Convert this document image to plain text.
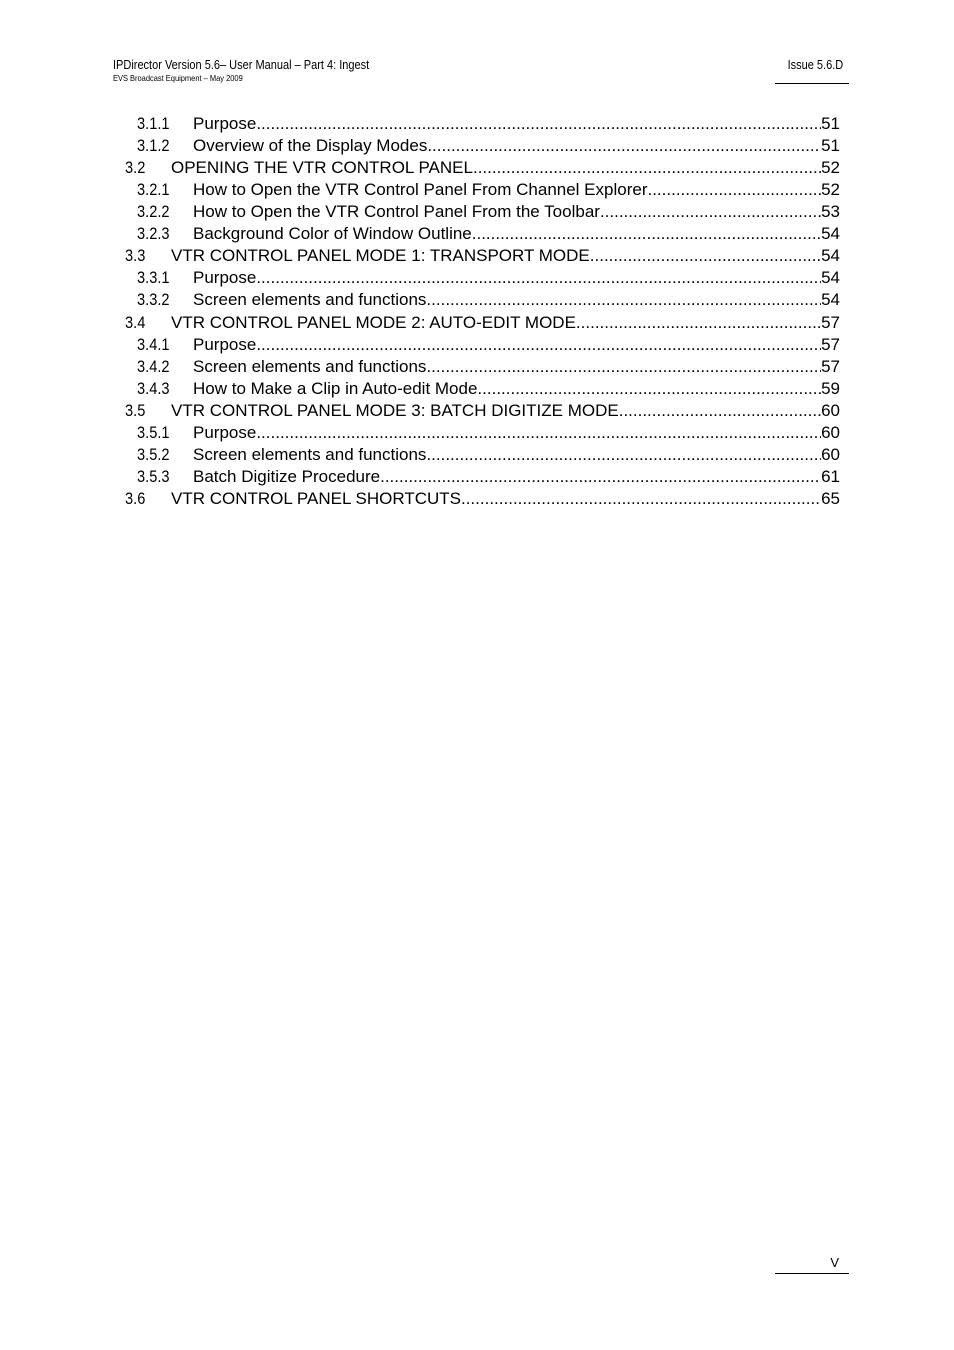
IPDirector Version 5.6– User Manual – Part 4: Ingest
EVS Broadcast Equipment – May 2009
Issue 5.6.D
3.1.1 Purpose .....	51
3.1.2 Overview of the Display Modes .....	51
3.2 OPENING THE VTR CONTROL PANEL .....	52
3.2.1 How to Open the VTR Control Panel From Channel Explorer .....	52
3.2.2 How to Open the VTR Control Panel From the Toolbar .....	53
3.2.3 Background Color of Window Outline .....	54
3.3 VTR CONTROL PANEL MODE 1: TRANSPORT MODE .....	54
3.3.1 Purpose .....	54
3.3.2 Screen elements and functions .....	54
3.4 VTR CONTROL PANEL MODE 2: AUTO-EDIT MODE .....	57
3.4.1 Purpose .....	57
3.4.2 Screen elements and functions .....	57
3.4.3 How to Make a Clip in Auto-edit Mode .....	59
3.5 VTR CONTROL PANEL MODE 3: BATCH DIGITIZE MODE .....	60
3.5.1 Purpose .....	60
3.5.2 Screen elements and functions .....	60
3.5.3 Batch Digitize Procedure .....	61
3.6 VTR CONTROL PANEL SHORTCUTS .....	65
V
